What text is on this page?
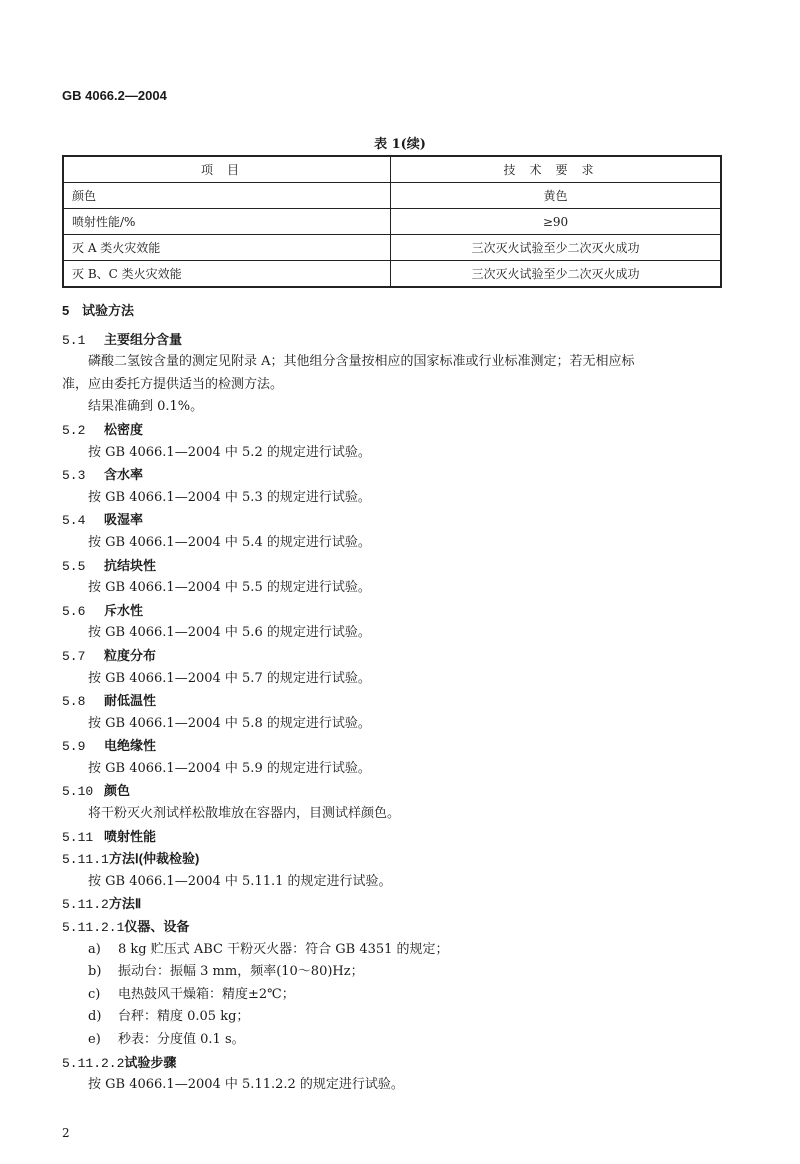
GB 4066.2—2004
表 1(续)
项目	技术要求
颜色	黄色
喷射性能/%	≥90
灭 A 类火灾效能	三次灭火试验至少二次灭火成功
灭 B、C 类火灾效能	三次灭火试验至少二次灭火成功
5 试验方法
5.1 主要组分含量
磷酸二氢铵含量的测定见附录 A；其他组分含量按相应的国家标准或行业标准测定；若无相应标
准，应由委托方提供适当的检测方法。
结果准确到 0.1%。
5.2 松密度
按 GB 4066.1—2004 中 5.2 的规定进行试验。
5.3 含水率
按 GB 4066.1—2004 中 5.3 的规定进行试验。
5.4 吸湿率
按 GB 4066.1—2004 中 5.4 的规定进行试验。
5.5 抗结块性
按 GB 4066.1—2004 中 5.5 的规定进行试验。
5.6 斥水性
按 GB 4066.1—2004 中 5.6 的规定进行试验。
5.7 粒度分布
按 GB 4066.1—2004 中 5.7 的规定进行试验。
5.8 耐低温性
按 GB 4066.1—2004 中 5.8 的规定进行试验。
5.9 电绝缘性
按 GB 4066.1—2004 中 5.9 的规定进行试验。
5.10 颜色
将干粉灭火剂试样松散堆放在容器内，目测试样颜色。
5.11 喷射性能
5.11.1方法Ⅰ(仲裁检验)
按 GB 4066.1—2004 中 5.11.1 的规定进行试验。
5.11.2方法Ⅱ
5.11.2.1仪器、设备
a) 8 kg 贮压式 ABC 干粉灭火器：符合 GB 4351 的规定；
b) 振动台：振幅 3 mm，频率(10～80)Hz；
c) 电热鼓风干燥箱：精度±2℃；
d) 台秤：精度 0.05 kg；
e) 秒表：分度值 0.1 s。
5.11.2.2试验步骤
按 GB 4066.1—2004 中 5.11.2.2 的规定进行试验。
2
